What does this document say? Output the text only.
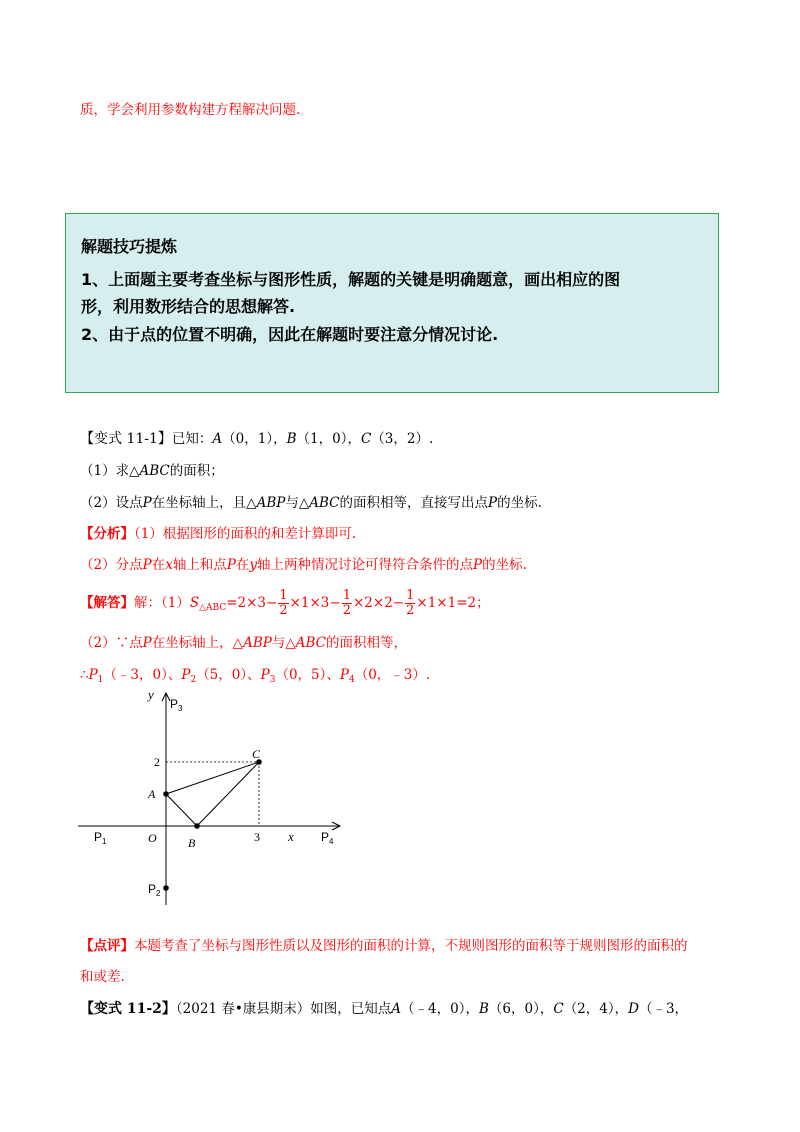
质，学会利用参数构建方程解决问题.
解题技巧提炼
1、上面题主要考查坐标与图形性质，解题的关键是明确题意，画出相应的图
形，利用数形结合的思想解答.
2、由于点的位置不明确，因此在解题时要注意分情况讨论.
【变式 11-1】已知：A（0，1），B（1，0），C（3，2）.
（1）求△ABC的面积；
（2）设点P在坐标轴上，且△ABP与△ABC的面积相等，直接写出点P的坐标.
【分析】（1）根据图形的面积的和差计算即可.
（2）分点P在x轴上和点P在y轴上两种情况讨论可得符合条件的点P的坐标.
【解答】解：$(1)S_{\triangle ABC}=2\times 3- \frac{1}{2} \times 1\times 3- \frac{1}{2} \times 2\times 2- \frac{1}{2} \times 1\times 1=2$；
（2）∵点P在坐标轴上，△ABP与△ABC的面积相等，
$\therefore P_1(﹣3$，0）、$P_2(5$，0）、$P_3(0$，5）、$P_4(0$，﹣3）.
y
x
O
A
B
C
2
3
$P_1$	$P_4$
$P_3$
$P_2$
【点评】本题考查了坐标与图形性质以及图形的面积的计算，不规则图形的面积等于规则图形的面积的
和或差.
【变式 11-2】（2021 春•康县期末）如图，已知点A（﹣4，0），B（6，0），C（2，4），D（﹣3，
